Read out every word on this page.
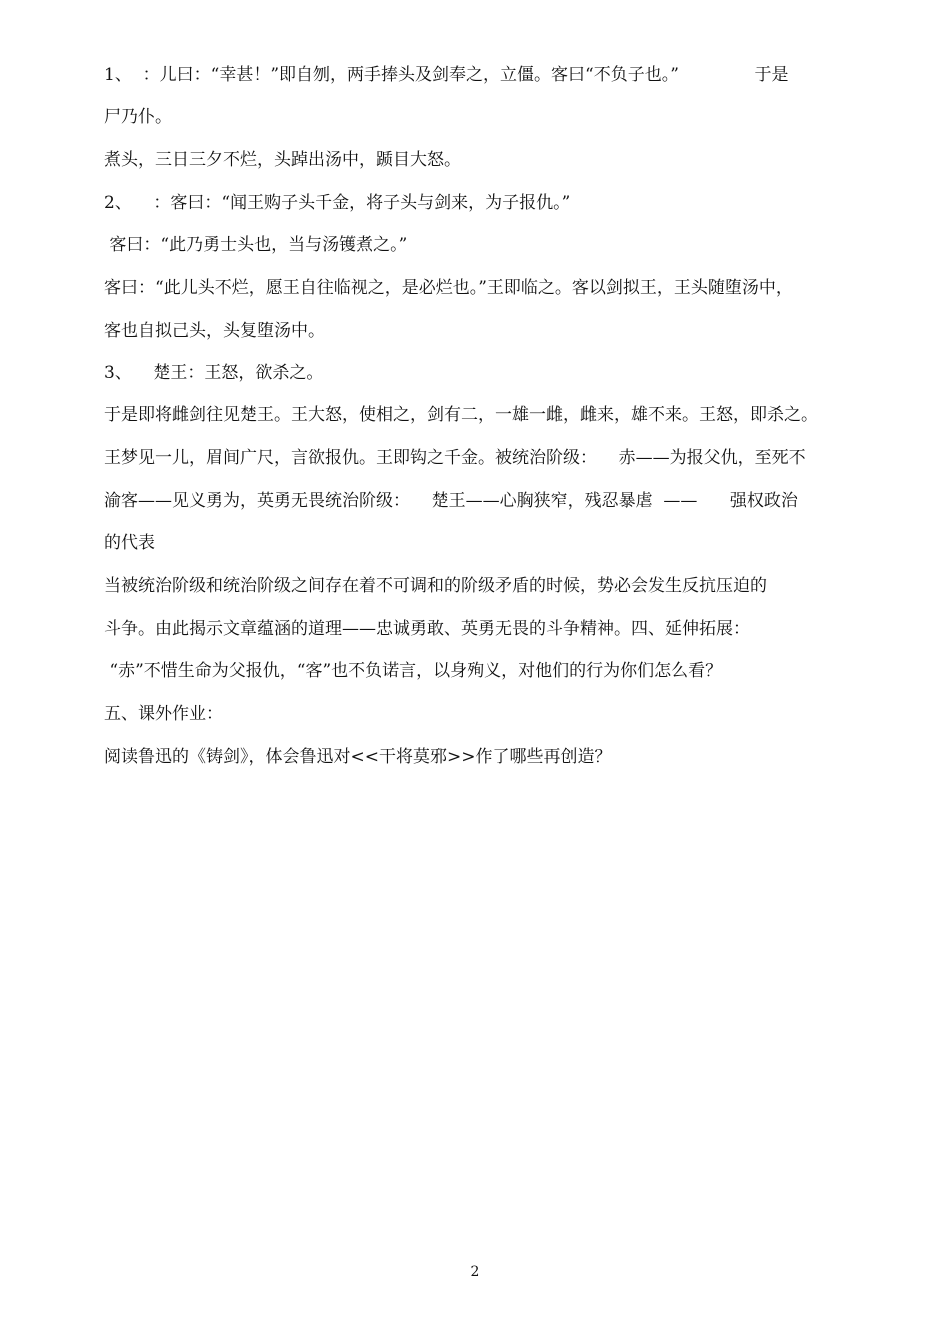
1、  ：儿曰：“幸甚！”即自刎，两手捧头及剑奉之，立僵。客曰“不负子也。”              于是
尸乃仆。
煮头，三日三夕不烂，头踔出汤中，踬目大怒。
2、    ：客曰：“闻王购子头千金，将子头与剑来，为子报仇。”
客曰：“此乃勇士头也，当与汤镬煮之。”
客曰：“此儿头不烂，愿王自往临视之，是必烂也。”王即临之。客以剑拟王，王头随堕汤中，
客也自拟己头，头复堕汤中。
3、    楚王：王怒，欲杀之。
于是即将雌剑往见楚王。王大怒，使相之，剑有二，一雄一雌，雌来，雄不来。王怒，即杀之。
王梦见一儿，眉间广尺，言欲报仇。王即钩之千金。被统治阶级：    赤——为报父仇，至死不
渝客——见义勇为，英勇无畏统治阶级：    楚王——心胸狭窄，残忍暴虐  ——      强权政治
的代表
当被统治阶级和统治阶级之间存在着不可调和的阶级矛盾的时候，势必会发生反抗压迫的
斗争。由此揭示文章蕴涵的道理——忠诚勇敢、英勇无畏的斗争精神。四、延伸拓展：
“赤”不惜生命为父报仇，“客”也不负诺言，以身殉义，对他们的行为你们怎么看？
五、课外作业：
阅读鲁迅的《铸剑》，体会鲁迅对<<干将莫邪>>作了哪些再创造？
2
